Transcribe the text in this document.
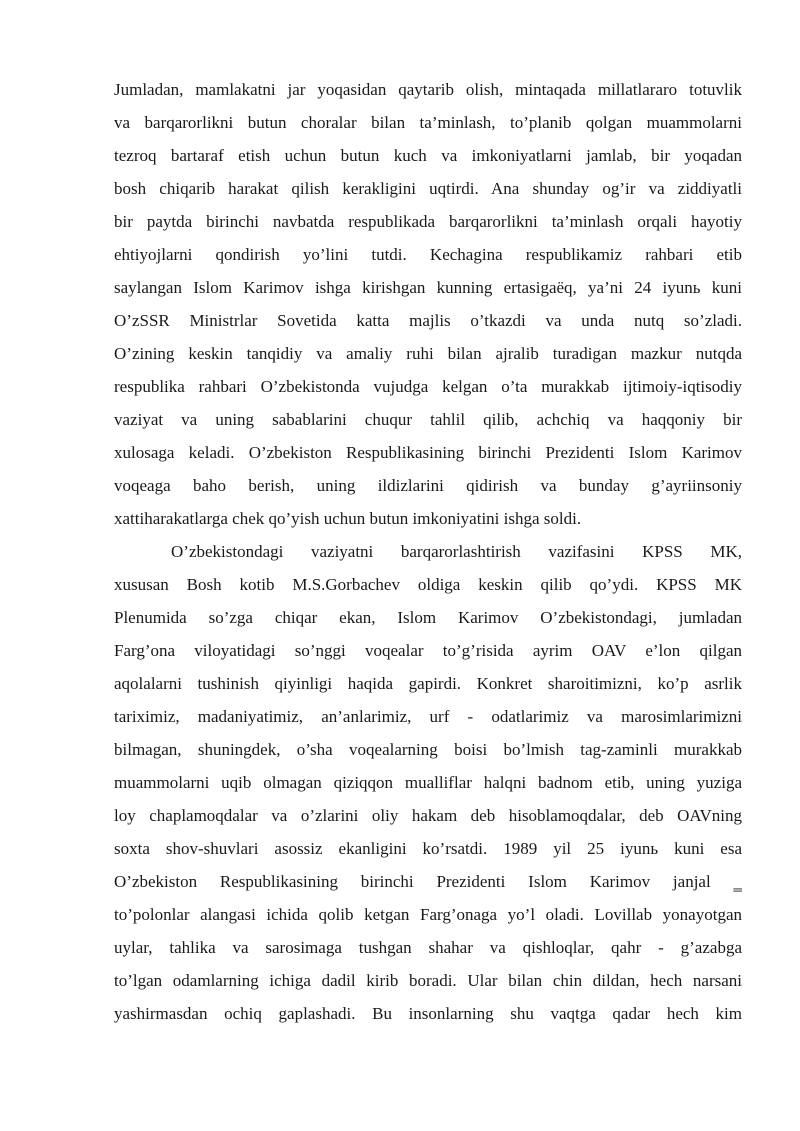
Jumladan, mamlakatni jar yoqasidan qaytarib olish, mintaqada millatlararo totuvlik
va barqarorlikni butun choralar bilan ta’minlash, to’planib qolgan muammolarni
tezroq bartaraf etish uchun butun kuch va imkoniyatlarni jamlab, bir yoqadan
bosh chiqarib harakat qilish kerakligini uqtirdi. Ana shunday og’ir va ziddiyatli
bir paytda birinchi navbatda respublikada barqarorlikni ta’minlash orqali hayotiy
ehtiyojlarni qondirish yo’lini tutdi. Kechagina respublikamiz rahbari etib
saylangan Islom Karimov ishga kirishgan kunning ertasigaёq, ya’ni 24 iyunь kuni
O’zSSR Ministrlar Sovetida katta majlis o’tkazdi va unda nutq so’zladi.
O’zining keskin tanqidiy va amaliy ruhi bilan ajralib turadigan mazkur nutqda
respublika rahbari O’zbekistonda vujudga kelgan o’ta murakkab ijtimoiy-iqtisodiy
vaziyat va uning sabablarini chuqur tahlil qilib, achchiq va haqqoniy bir
xulosaga keladi. O’zbekiston Respublikasining birinchi Prezidenti Islom Karimov
voqeaga baho berish, uning ildizlarini qidirish va bunday g’ayriinsoniy
xattiharakatlarga chek qo’yish uchun butun imkoniyatini ishga soldi.
O’zbekistondagi vaziyatni barqarorlashtirish vazifasini KPSS MK,
xususan Bosh kotib M.S.Gorbachev oldiga keskin qilib qo’ydi. KPSS MK
Plenumida so’zga chiqar ekan, Islom Karimov O’zbekistondagi, jumladan
Farg’ona viloyatidagi so’nggi voqealar to’g’risida ayrim OAV e’lon qilgan
aqolalarni tushinish qiyinligi haqida gapirdi. Konkret sharoitimizni, ko’p asrlik
tariximiz, madaniyatimiz, an’anlarimiz, urf - odatlarimiz va marosimlarimizni
bilmagan, shuningdek, o’sha voqealarning boisi bo’lmish tag-zaminli murakkab
muammolarni uqib olmagan qiziqqon mualliflar halqni badnom etib, uning yuziga
loy chaplamoqdalar va o’zlarini oliy hakam deb hisoblamoqdalar, deb OAVning
soxta shov-shuvlari asossiz ekanligini ko’rsatdi. 1989 yil 25 iyunь kuni esa
O’zbekiston Respublikasining birinchi Prezidenti Islom Karimov janjal ‗
to’polonlar alangasi ichida qolib ketgan Farg’onaga yo’l oladi. Lovillab yonayotgan
uylar, tahlika va sarosimaga tushgan shahar va qishloqlar, qahr - g’azabga
to’lgan odamlarning ichiga dadil kirib boradi. Ular bilan chin dildan, hech narsani
yashirmasdan ochiq gaplashadi. Bu insonlarning shu vaqtga qadar hech kim
